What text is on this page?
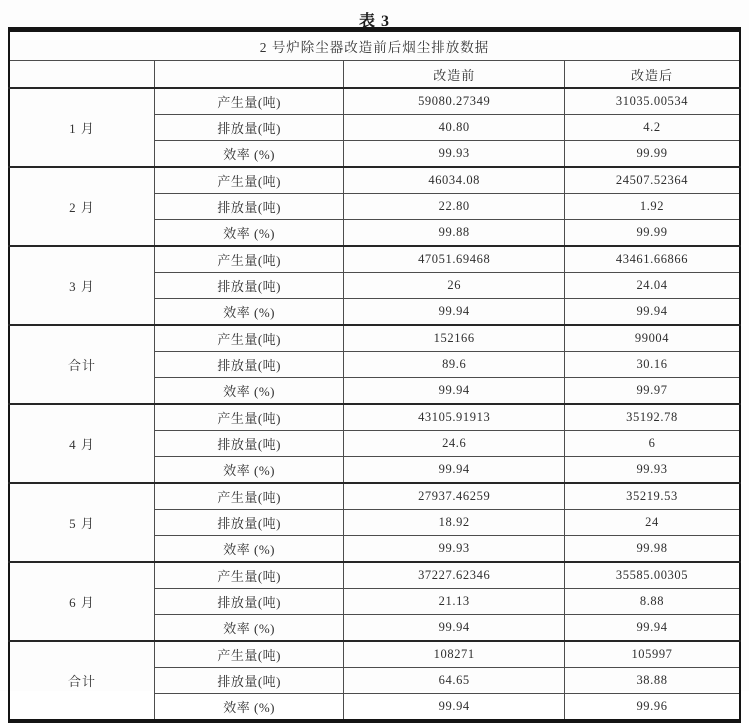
表 3
2 号炉除尘器改造前后烟尘排放数据			
		改造前	改造后
1 月	产生量(吨)	59080.27349	31035.00534
	排放量(吨)	40.80	4.2
	效率 (%)	99.93	99.99
2 月	产生量(吨)	46034.08	24507.52364
	排放量(吨)	22.80	1.92
	效率 (%)	99.88	99.99
3 月	产生量(吨)	47051.69468	43461.66866
	排放量(吨)	26	24.04
	效率 (%)	99.94	99.94
合计	产生量(吨)	152166	99004
	排放量(吨)	89.6	30.16
	效率 (%)	99.94	99.97
4 月	产生量(吨)	43105.91913	35192.78
	排放量(吨)	24.6	6
	效率 (%)	99.94	99.93
5 月	产生量(吨)	27937.46259	35219.53
	排放量(吨)	18.92	24
	效率 (%)	99.93	99.98
6 月	产生量(吨)	37227.62346	35585.00305
	排放量(吨)	21.13	8.88
	效率 (%)	99.94	99.94
合计	产生量(吨)	108271	105997
	排放量(吨)	64.65	38.88
	效率 (%)	99.94	99.96
